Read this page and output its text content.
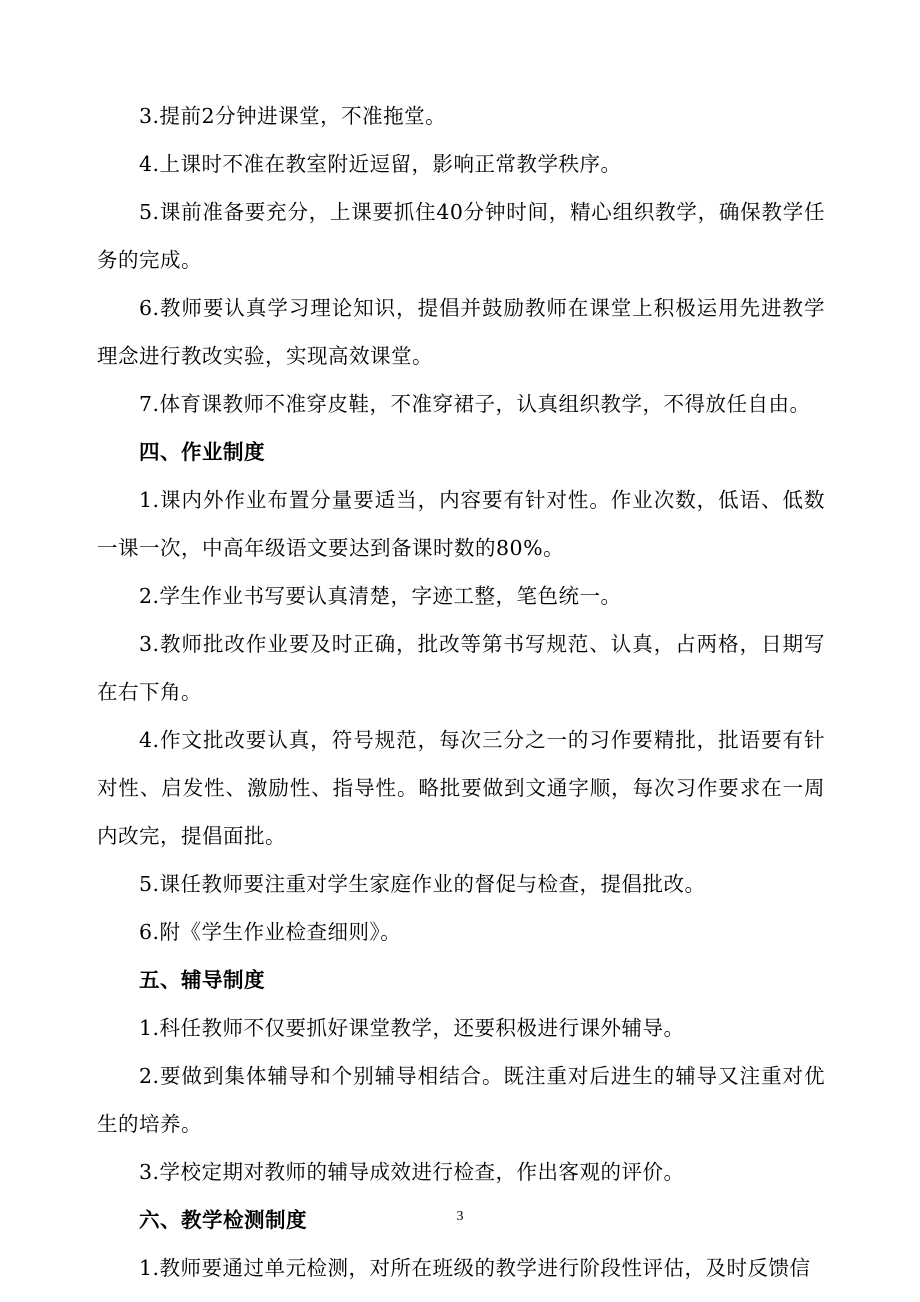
3.提前2分钟进课堂，不准拖堂。

4.上课时不准在教室附近逗留，影响正常教学秩序。

5.课前准备要充分，上课要抓住40分钟时间，精心组织教学，确保教学任务的完成。

6.教师要认真学习理论知识，提倡并鼓励教师在课堂上积极运用先进教学理念进行教改实验，实现高效课堂。

7.体育课教师不准穿皮鞋，不准穿裙子，认真组织教学，不得放任自由。

四、作业制度

1.课内外作业布置分量要适当，内容要有针对性。作业次数，低语、低数一课一次，中高年级语文要达到备课时数的80%。

2.学生作业书写要认真清楚，字迹工整，笔色统一。

3.教师批改作业要及时正确，批改等第书写规范、认真，占两格，日期写在右下角。

4.作文批改要认真，符号规范，每次三分之一的习作要精批，批语要有针对性、启发性、激励性、指导性。略批要做到文通字顺，每次习作要求在一周内改完，提倡面批。

5.课任教师要注重对学生家庭作业的督促与检查，提倡批改。

6.附《学生作业检查细则》。

五、辅导制度

1.科任教师不仅要抓好课堂教学，还要积极进行课外辅导。

2.要做到集体辅导和个别辅导相结合。既注重对后进生的辅导又注重对优生的培养。

3.学校定期对教师的辅导成效进行检查，作出客观的评价。

六、教学检测制度

1.教师要通过单元检测，对所在班级的教学进行阶段性评估，及时反馈信

3
